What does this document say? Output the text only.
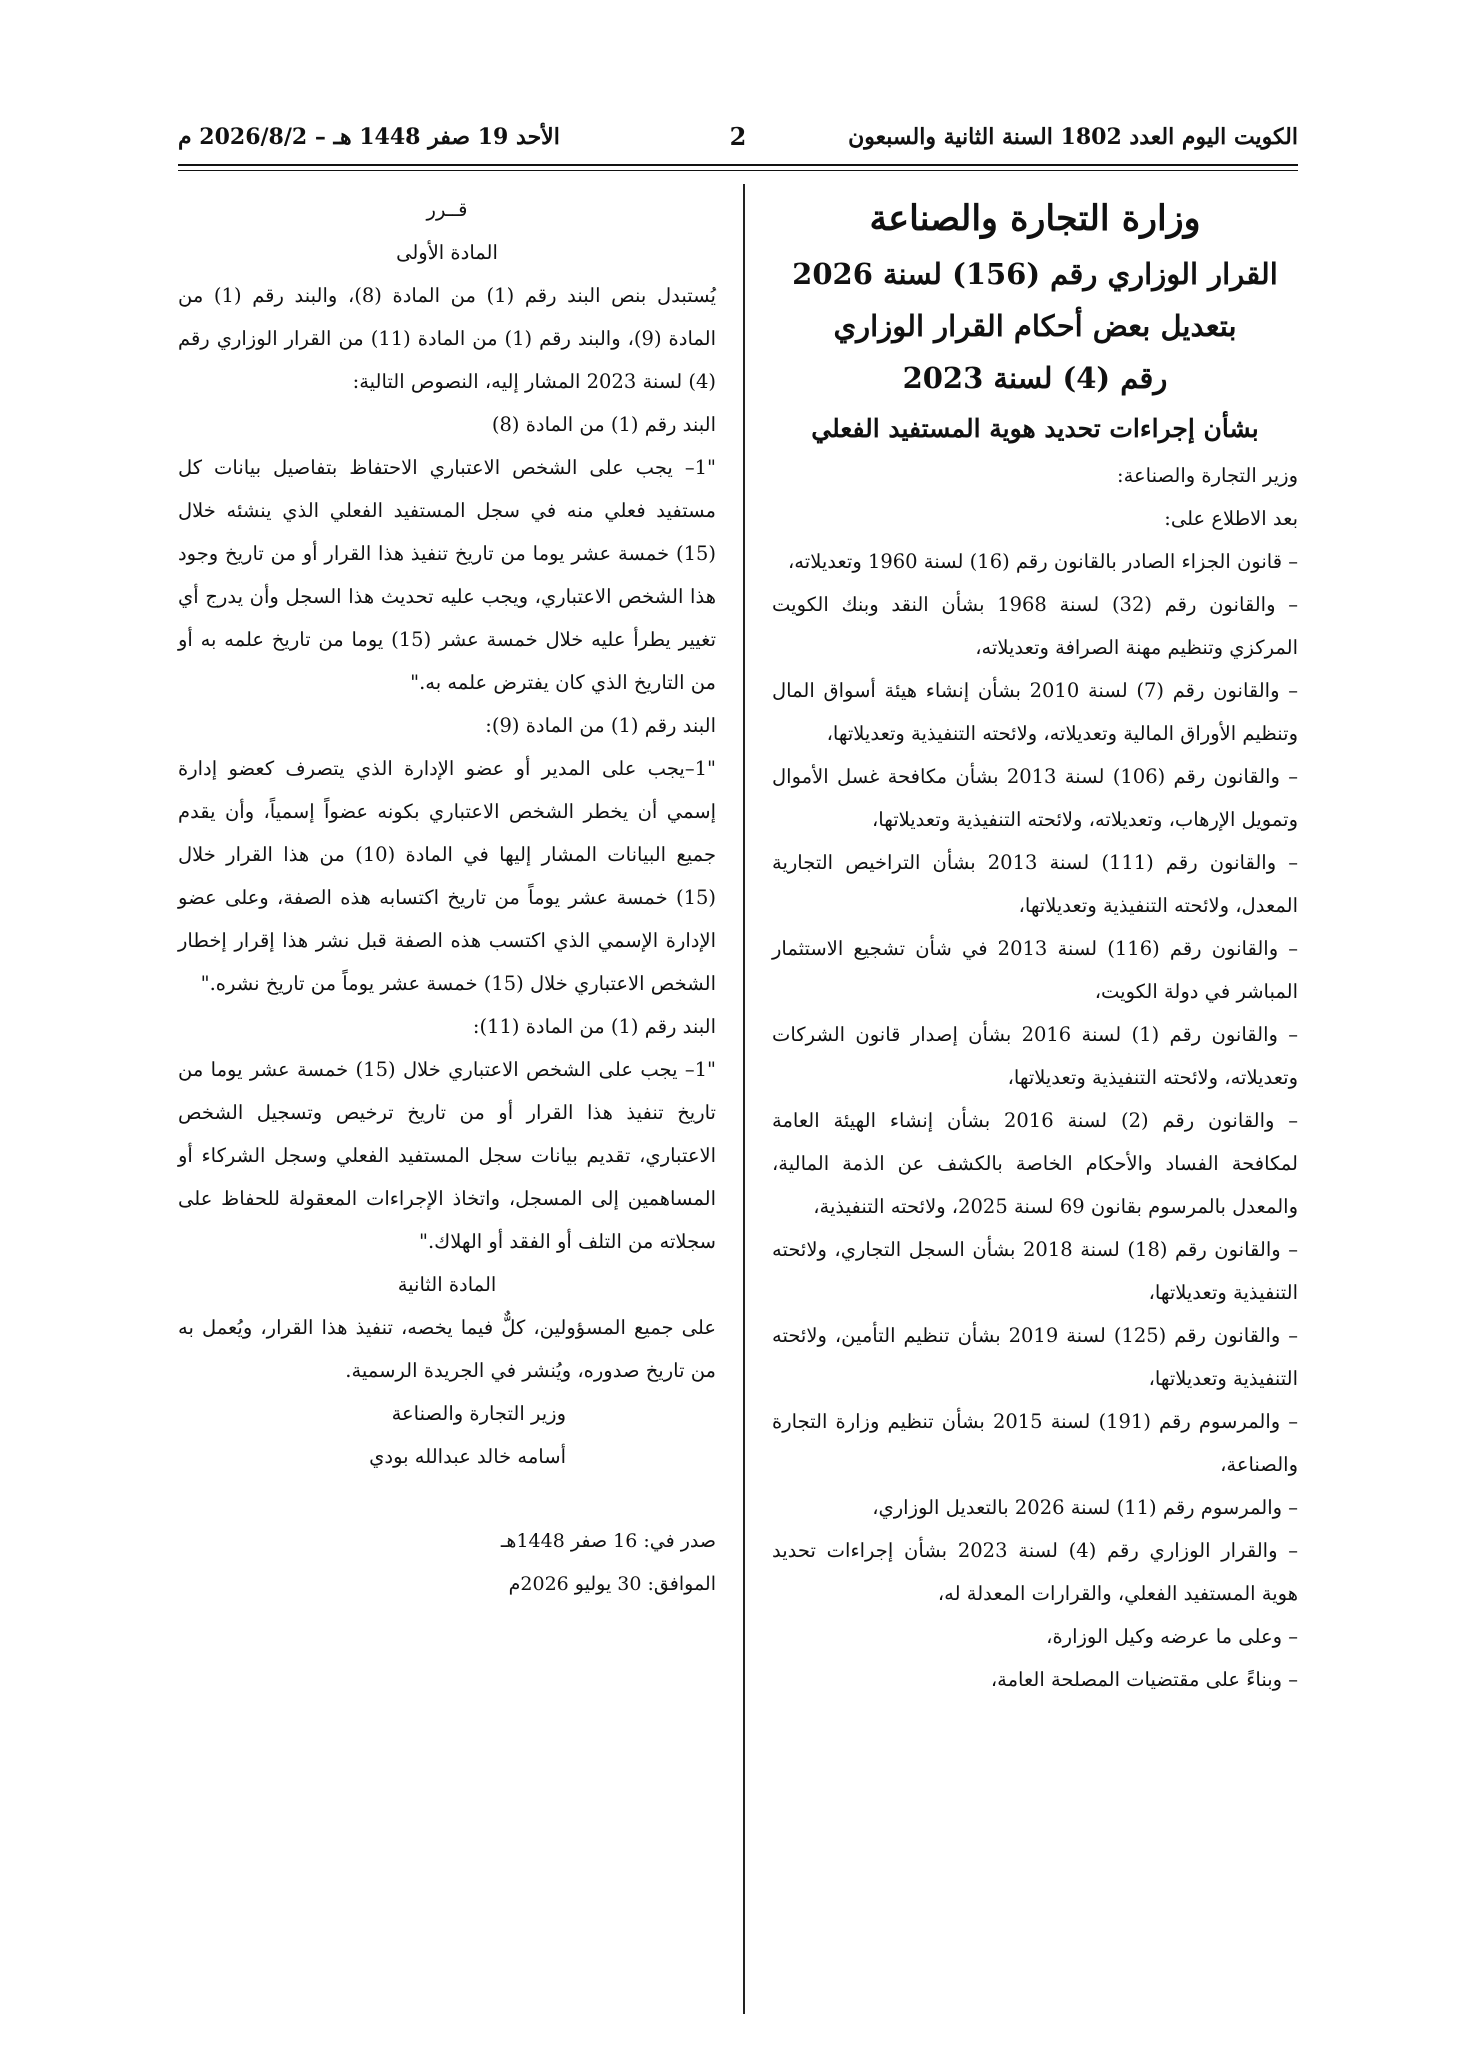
الكويت اليوم العدد 1802 السنة الثانية والسبعون
2
الأحد 19 صفر 1448 هـ – 2026/8/2 م

وزارة التجارة والصناعة

القرار الوزاري رقم (156) لسنة 2026

بتعديل بعض أحكام القرار الوزاري

رقم (4) لسنة 2023

بشأن إجراءات تحديد هوية المستفيد الفعلي

وزير التجارة والصناعة:

بعد الاطلاع على:

– قانون الجزاء الصادر بالقانون رقم (16) لسنة 1960 وتعديلاته،

– والقانون رقم (32) لسنة 1968 بشأن النقد وبنك الكويت المركزي وتنظيم مهنة الصرافة وتعديلاته،

– والقانون رقم (7) لسنة 2010 بشأن إنشاء هيئة أسواق المال وتنظيم الأوراق المالية وتعديلاته، ولائحته التنفيذية وتعديلاتها،

– والقانون رقم (106) لسنة 2013 بشأن مكافحة غسل الأموال وتمويل الإرهاب، وتعديلاته، ولائحته التنفيذية وتعديلاتها،

– والقانون رقم (111) لسنة 2013 بشأن التراخيص التجارية المعدل، ولائحته التنفيذية وتعديلاتها،

– والقانون رقم (116) لسنة 2013 في شأن تشجيع الاستثمار المباشر في دولة الكويت،

– والقانون رقم (1) لسنة 2016 بشأن إصدار قانون الشركات وتعديلاته، ولائحته التنفيذية وتعديلاتها،

– والقانون رقم (2) لسنة 2016 بشأن إنشاء الهيئة العامة لمكافحة الفساد والأحكام الخاصة بالكشف عن الذمة المالية، والمعدل بالمرسوم بقانون 69 لسنة 2025، ولائحته التنفيذية،

– والقانون رقم (18) لسنة 2018 بشأن السجل التجاري، ولائحته التنفيذية وتعديلاتها،

– والقانون رقم (125) لسنة 2019 بشأن تنظيم التأمين، ولائحته التنفيذية وتعديلاتها،

– والمرسوم رقم (191) لسنة 2015 بشأن تنظيم وزارة التجارة والصناعة،

– والمرسوم رقم (11) لسنة 2026 بالتعديل الوزاري،

– والقرار الوزاري رقم (4) لسنة 2023 بشأن إجراءات تحديد هوية المستفيد الفعلي، والقرارات المعدلة له،

– وعلى ما عرضه وكيل الوزارة،

– وبناءً على مقتضيات المصلحة العامة،

قــرر

المادة الأولى

يُستبدل بنص البند رقم (1) من المادة (8)، والبند رقم (1) من المادة (9)، والبند رقم (1) من المادة (11) من القرار الوزاري رقم (4) لسنة 2023 المشار إليه، النصوص التالية:

البند رقم (1) من المادة (8)

"1– يجب على الشخص الاعتباري الاحتفاظ بتفاصيل بيانات كل مستفيد فعلي منه في سجل المستفيد الفعلي الذي ينشئه خلال (15) خمسة عشر يوما من تاريخ تنفيذ هذا القرار أو من تاريخ وجود هذا الشخص الاعتباري، ويجب عليه تحديث هذا السجل وأن يدرج أي تغيير يطرأ عليه خلال خمسة عشر (15) يوما من تاريخ علمه به أو من التاريخ الذي كان يفترض علمه به."

البند رقم (1) من المادة (9):

"1–يجب على المدير أو عضو الإدارة الذي يتصرف كعضو إدارة إسمي أن يخطر الشخص الاعتباري بكونه عضواً إسمياً، وأن يقدم جميع البيانات المشار إليها في المادة (10) من هذا القرار خلال (15) خمسة عشر يوماً من تاريخ اكتسابه هذه الصفة، وعلى عضو الإدارة الإسمي الذي اكتسب هذه الصفة قبل نشر هذا إقرار إخطار الشخص الاعتباري خلال (15) خمسة عشر يوماً من تاريخ نشره."

البند رقم (1) من المادة (11):

"1– يجب على الشخص الاعتباري خلال (15) خمسة عشر يوما من تاريخ تنفيذ هذا القرار أو من تاريخ ترخيص وتسجيل الشخص الاعتباري، تقديم بيانات سجل المستفيد الفعلي وسجل الشركاء أو المساهمين إلى المسجل، واتخاذ الإجراءات المعقولة للحفاظ على سجلاته من التلف أو الفقد أو الهلاك."

المادة الثانية

على جميع المسؤولين، كلٌّ فيما يخصه، تنفيذ هذا القرار، ويُعمل به من تاريخ صدوره، ويُنشر في الجريدة الرسمية.

وزير التجارة والصناعة

أسامه خالد عبدالله بودي

صدر في: 16 صفر 1448هـ

الموافق: 30 يوليو 2026م
